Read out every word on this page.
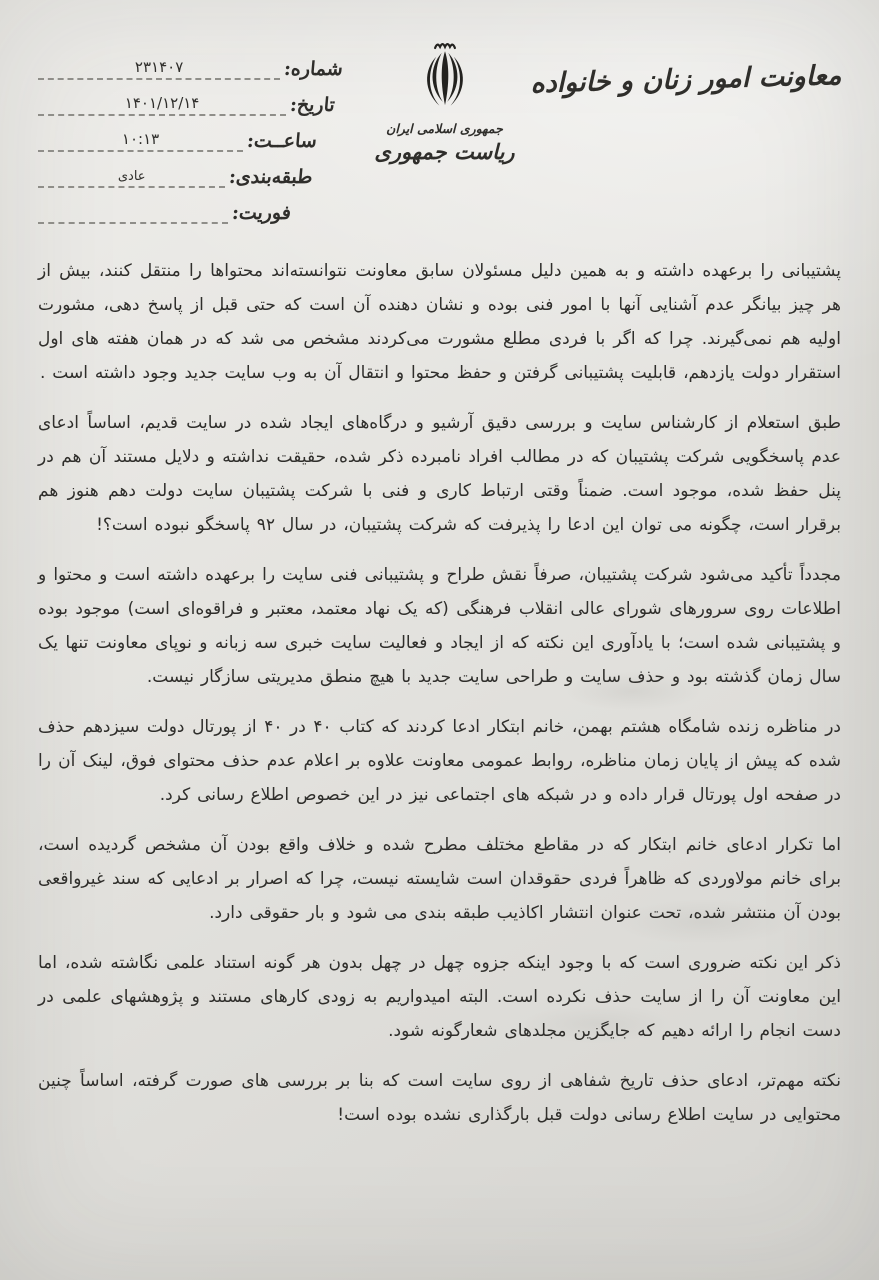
معاونت امور زنان و خانواده
جمهوری اسلامی ایران
ریاست جمهوری
شماره:
۲۳۱۴۰۷
تاریخ:
۱۴۰۱/۱۲/۱۴
ساعــت:
۱۰:۱۳
طبقه‌بندی:
عادی
فوریت:

پشتیبانی را برعهده داشته و به همین دلیل مسئولان سابق معاونت نتوانسته‌اند محتواها را منتقل کنند، بیش از هر چیز بیانگر عدم آشنایی آنها با امور فنی بوده و نشان دهنده آن است که حتی قبل از پاسخ دهی، مشورت اولیه هم نمی‌گیرند. چرا که اگر با فردی مطلع مشورت می‌کردند مشخص می شد که در همان هفته های اول استقرار دولت یازدهم، قابلیت پشتیبانی گرفتن و حفظ محتوا و انتقال آن به وب سایت جدید وجود داشته است .

طبق استعلام از کارشناس سایت و بررسی دقیق آرشیو و درگاه‌های ایجاد شده در سایت قدیم، اساساً ادعای عدم پاسخگویی شرکت پشتیبان که در مطالب افراد نامبرده ذکر شده، حقیقت نداشته و دلایل مستند آن هم در پنل حفظ شده، موجود است. ضمناً وقتی ارتباط کاری و فنی با شرکت پشتیبان سایت دولت دهم هنوز هم برقرار است، چگونه می توان این ادعا را پذیرفت که شرکت پشتیبان، در سال ۹۲ پاسخگو نبوده است؟!

مجدداً تأکید می‌شود شرکت پشتیبان، صرفاً نقش طراح و پشتیبانی فنی سایت را برعهده داشته است و محتوا و اطلاعات روی سرورهای شورای عالی انقلاب فرهنگی (که یک نهاد معتمد، معتبر و فراقوه‌ای است) موجود بوده و پشتیبانی شده است؛ با یادآوری این نکته که از ایجاد و فعالیت سایت خبری سه زبانه و نوپای معاونت تنها یک سال زمان گذشته بود و حذف سایت و طراحی سایت جدید با هیچ منطق مدیریتی سازگار نیست.

در مناظره زنده شامگاه هشتم بهمن، خانم ابتکار ادعا کردند که کتاب ۴۰ در ۴۰ از پورتال دولت سیزدهم حذف شده که پیش از پایان زمان مناظره، روابط عمومی معاونت علاوه بر اعلام عدم حذف محتوای فوق، لینک آن را در صفحه اول پورتال قرار داده و در شبکه های اجتماعی نیز در این خصوص اطلاع رسانی کرد.

اما تکرار ادعای خانم ابتکار که در مقاطع مختلف مطرح شده و خلاف واقع بودن آن مشخص گردیده است، برای خانم مولاوردی که ظاهراً فردی حقوقدان است شایسته نیست، چرا که اصرار بر ادعایی که سند غیرواقعی بودن آن منتشر شده، تحت عنوان انتشار اکاذیب طبقه بندی می شود و بار حقوقی دارد.

ذکر این نکته ضروری است که با وجود اینکه جزوه چهل در چهل بدون هر گونه استناد علمی نگاشته شده، اما این معاونت آن را از سایت حذف نکرده است. البته امیدواریم به زودی کارهای مستند و پژوهشهای علمی در دست انجام را ارائه دهیم که جایگزین مجلدهای شعارگونه شود.

نکته مهم‌تر، ادعای حذف تاریخ شفاهی از روی سایت است که بنا بر بررسی های صورت گرفته، اساساً چنین محتوایی در سایت اطلاع رسانی دولت قبل بارگذاری نشده بوده است!
